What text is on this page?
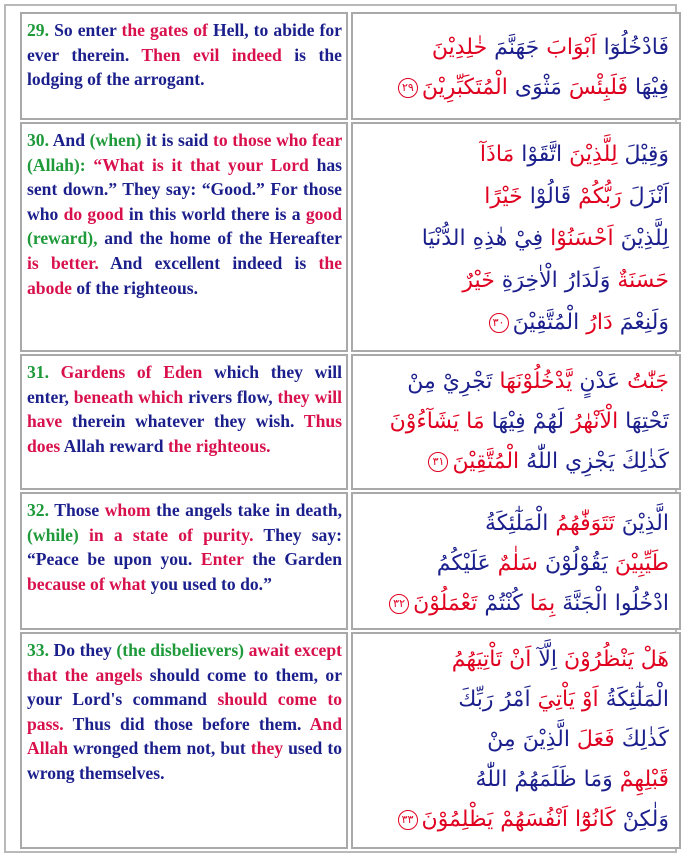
29. So enter the gates of Hell, to abide for ever therein. Then evil indeed is the lodging of the arrogant.
فَادْخُلُوٓا اَبْوَابَ جَهَنَّمَ خٰلِدِيْنَ
فِيْهَا فَلَبِئْسَ مَثْوَى الْمُتَكَبِّرِيْنَ٢٩
30. And (when) it is said to those who fear (Allah): “What is it that your Lord has sent down.” They say: “Good.” For those who do good in this world there is a good (reward), and the home of the Hereafter is better. And excellent indeed is the abode of the righteous.
وَقِيْلَ لِلَّذِيْنَ اتَّقَوْا مَاذَآ
اَنْزَلَ رَبُّكُمْ قَالُوْا خَيْرًا
لِلَّذِيْنَ اَحْسَنُوْا فِيْ هٰذِهِ الدُّنْيَا
حَسَنَةٌ وَلَدَارُ الْاٰخِرَةِ خَيْرٌ
وَلَنِعْمَ دَارُ الْمُتَّقِيْنَ٣٠
31. Gardens of Eden which they will enter, beneath which rivers flow, they will have therein whatever they wish. Thus does Allah reward the righteous.
جَنّٰتُ عَدْنٍ يَّدْخُلُوْنَهَا تَجْرِيْ مِنْ
تَحْتِهَا الْاَنْهٰرُ لَهُمْ فِيْهَا مَا يَشَآءُوْنَ
كَذٰلِكَ يَجْزِي اللّٰهُ الْمُتَّقِيْنَ٣١
32. Those whom the angels take in death, (while) in a state of purity. They say: “Peace be upon you. Enter the Garden because of what you used to do.”
الَّذِيْنَ تَتَوَفّٰهُمُ الْمَلٰٓئِكَةُ
طَيِّبِيْنَ يَقُوْلُوْنَ سَلٰمٌ عَلَيْكُمُ
ادْخُلُوا الْجَنَّةَ بِمَا كُنْتُمْ تَعْمَلُوْنَ٣٢
33. Do they (the disbelievers) await except that the angels should come to them, or your Lord's command should come to pass. Thus did those before them. And Allah wronged them not, but they used to wrong themselves.
هَلْ يَنْظُرُوْنَ اِلَّآ اَنْ تَاْتِيَهُمُ
الْمَلٰٓئِكَةُ اَوْ يَاْتِيَ اَمْرُ رَبِّكَ
كَذٰلِكَ فَعَلَ الَّذِيْنَ مِنْ
قَبْلِهِمْ وَمَا ظَلَمَهُمُ اللّٰهُ
وَلٰكِنْ كَانُوْٓا اَنْفُسَهُمْ يَظْلِمُوْنَ٣٣
